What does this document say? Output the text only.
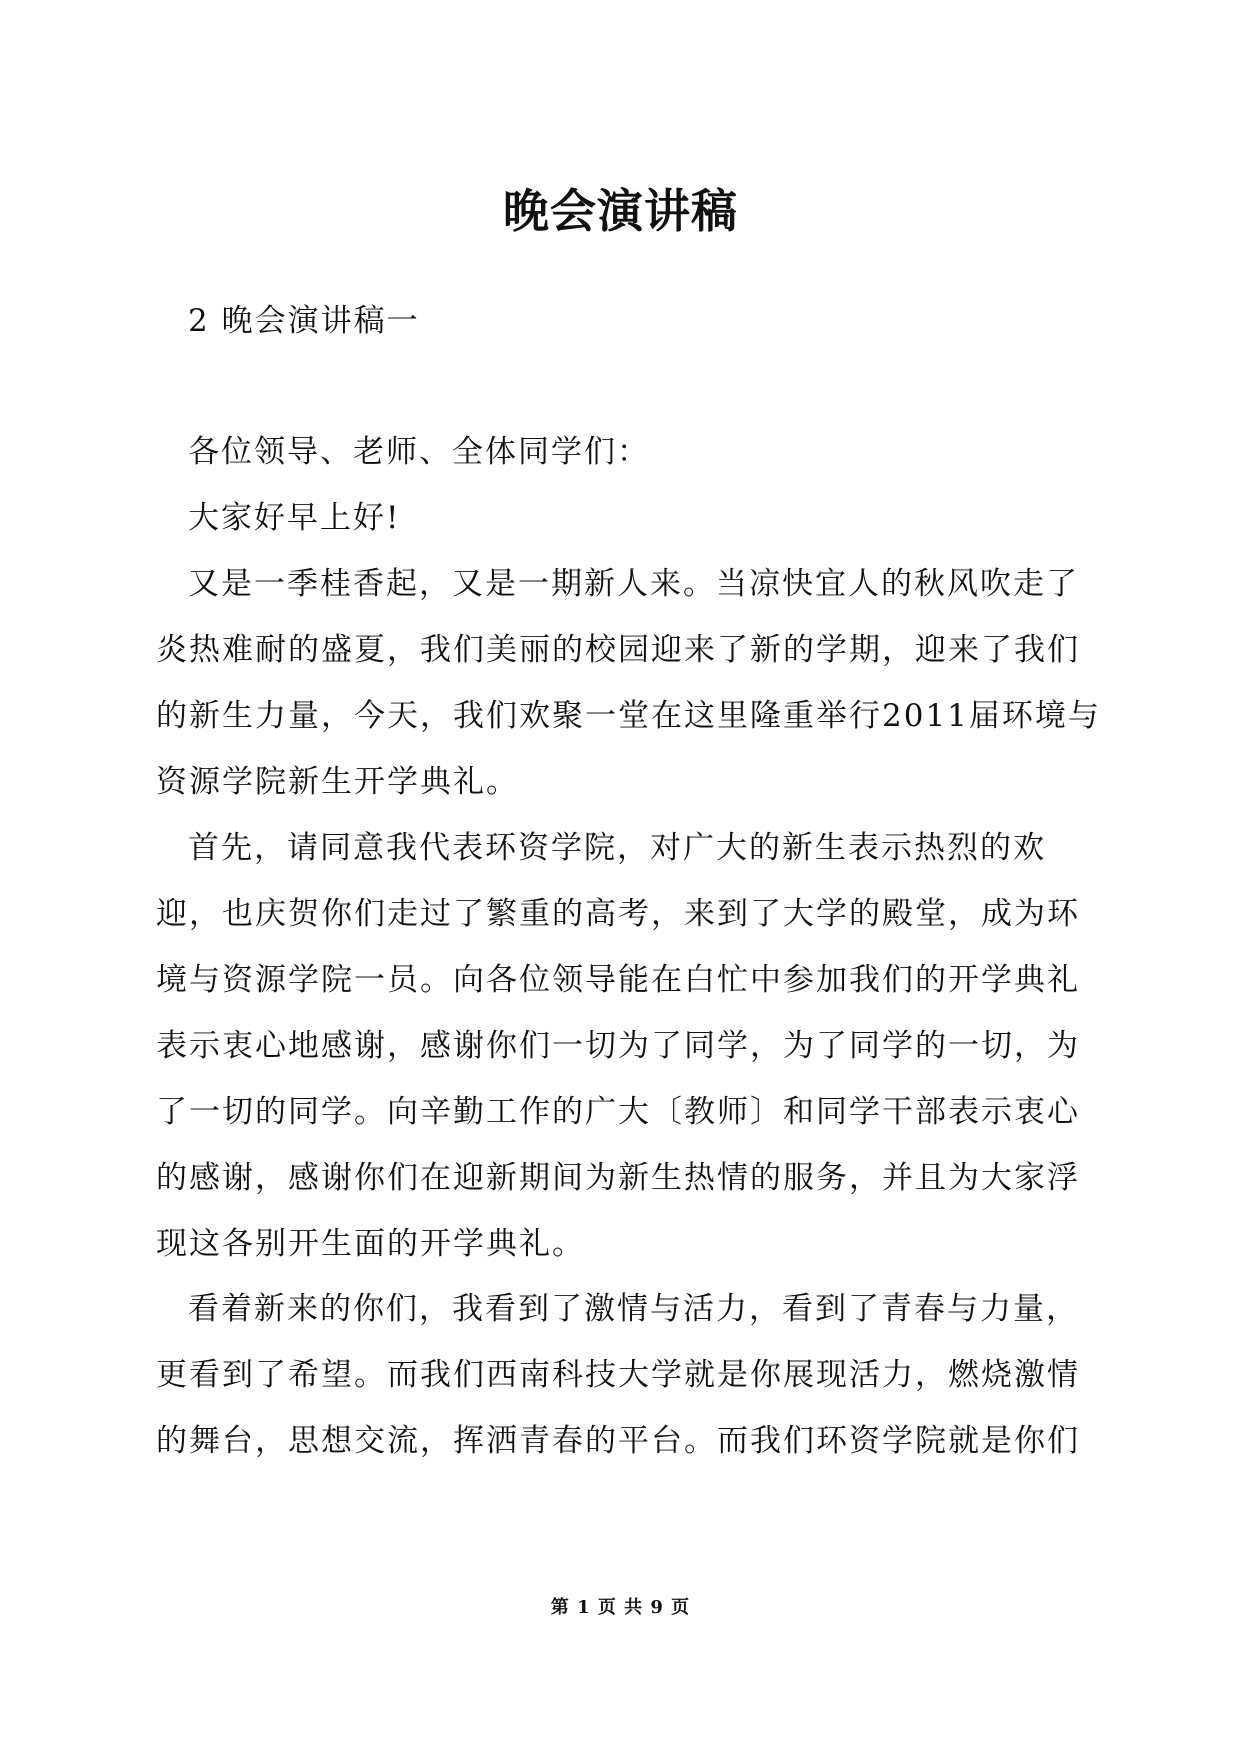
晚会演讲稿

2 晚会演讲稿一

各位领导、老师、全体同学们：

大家好早上好!

又是一季桂香起，又是一期新人来。当凉快宜人的秋风吹走了炎热难耐的盛夏，我们美丽的校园迎来了新的学期，迎来了我们的新生力量，今天，我们欢聚一堂在这里隆重举行2011届环境与资源学院新生开学典礼。

首先，请同意我代表环资学院，对广大的新生表示热烈的欢迎，也庆贺你们走过了繁重的高考，来到了大学的殿堂，成为环境与资源学院一员。向各位领导能在白忙中参加我们的开学典礼表示衷心地感谢，感谢你们一切为了同学，为了同学的一切，为了一切的同学。向辛勤工作的广大〔教师〕和同学干部表示衷心的感谢，感谢你们在迎新期间为新生热情的服务，并且为大家浮现这各别开生面的开学典礼。

看着新来的你们，我看到了激情与活力，看到了青春与力量，更看到了希望。而我们西南科技大学就是你展现活力，燃烧激情的舞台，思想交流，挥洒青春的平台。而我们环资学院就是你们

第 1 页 共 9 页
